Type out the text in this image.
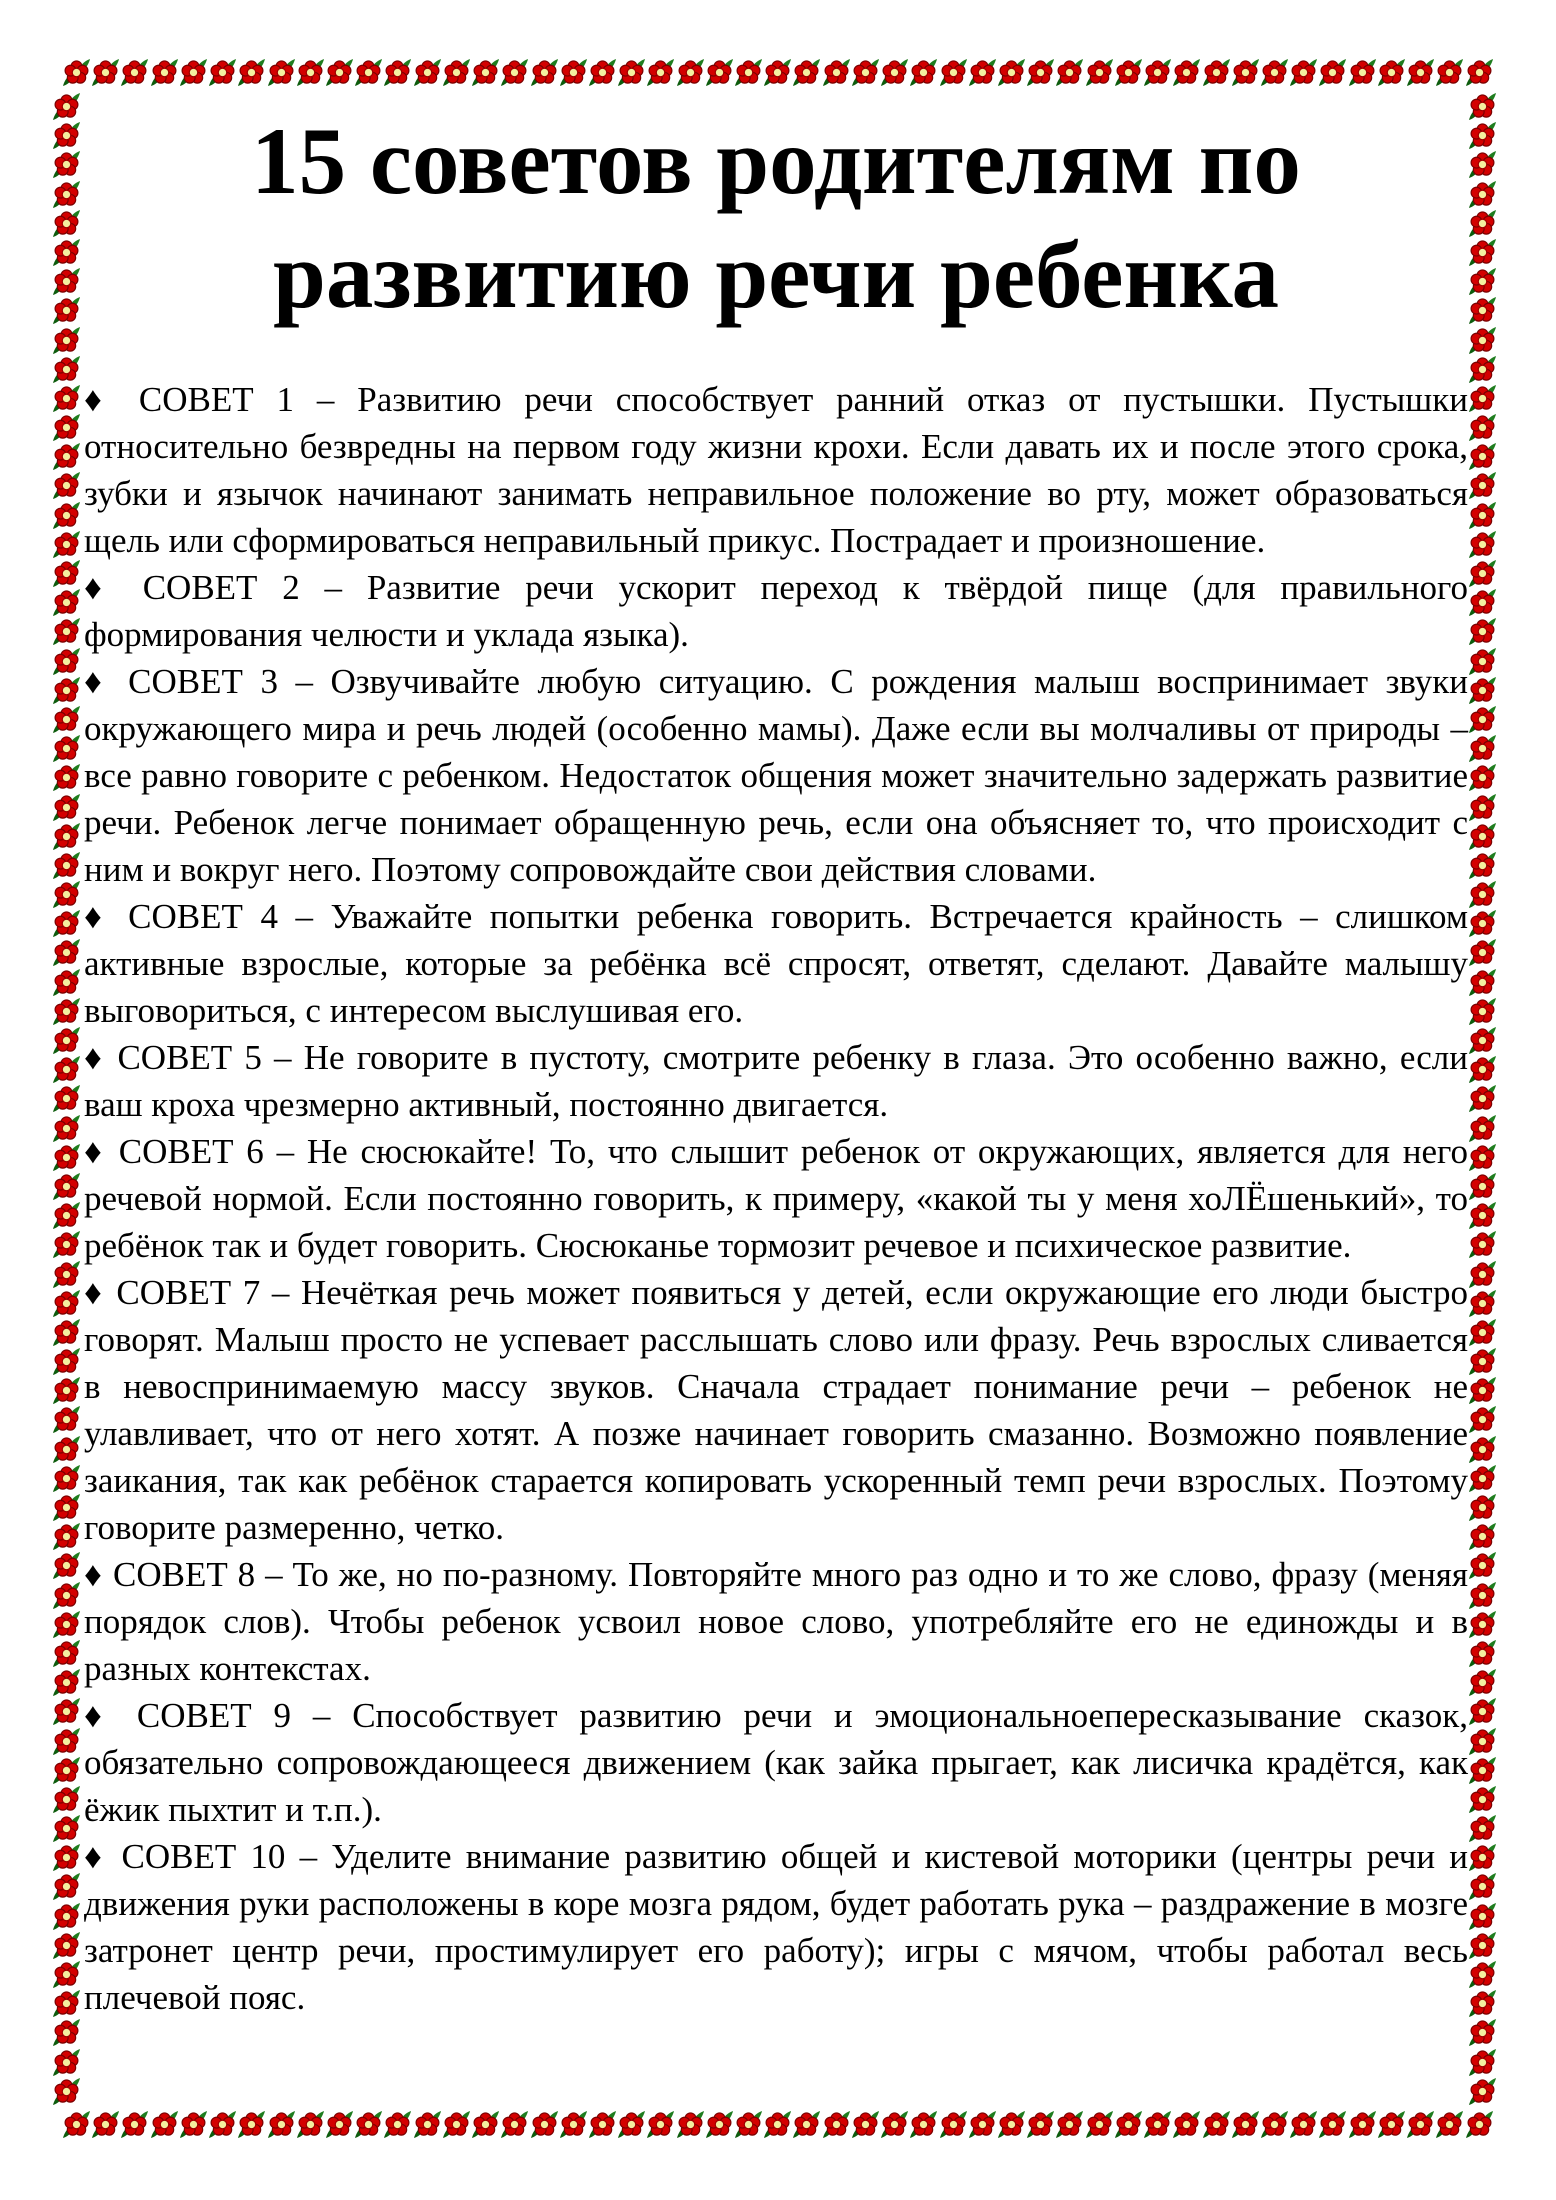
15 советов родителям по
развитию речи ребенка

♦ СОВЕТ 1 – Развитию речи способствует ранний отказ от пустышки. Пустышки относительно безвредны на первом году жизни крохи. Если давать их и после этого срока, зубки и язычок начинают занимать неправильное положение во рту, может образоваться щель или сформироваться неправильный прикус. Пострадает и произношение.

♦ СОВЕТ 2 – Развитие речи ускорит переход к твёрдой пище (для правильного формирования челюсти и уклада языка).

♦ СОВЕТ 3 – Озвучивайте любую ситуацию. С рождения малыш воспринимает звуки окружающего мира и речь людей (особенно мамы). Даже если вы молчаливы от природы – все равно говорите с ребенком. Недостаток общения может значительно задержать развитие речи. Ребенок легче понимает обращенную речь, если она объясняет то, что происходит с ним и вокруг него. Поэтому сопровождайте свои действия словами.

♦ СОВЕТ 4 – Уважайте попытки ребенка говорить. Встречается крайность – слишком активные взрослые, которые за ребёнка всё спросят, ответят, сделают. Давайте малышу выговориться, с интересом выслушивая его.

♦ СОВЕТ 5 – Не говорите в пустоту, смотрите ребенку в глаза. Это особенно важно, если ваш кроха чрезмерно активный, постоянно двигается.

♦ СОВЕТ 6 – Не сюсюкайте! То, что слышит ребенок от окружающих, является для него речевой нормой. Если постоянно говорить, к примеру, «какой ты у меня хоЛЁшенький», то ребёнок так и будет говорить. Сюсюканье тормозит речевое и психическое развитие.

♦ СОВЕТ 7 – Нечёткая речь может появиться у детей, если окружающие его люди быстро говорят. Малыш просто не успевает расслышать слово или фразу. Речь взрослых сливается в невоспринимаемую массу звуков. Сначала страдает понимание речи – ребенок не улавливает, что от него хотят. А позже начинает говорить смазанно. Возможно появление заикания, так как ребёнок старается копировать ускоренный темп речи взрослых. Поэтому говорите размеренно, четко.

♦ СОВЕТ 8 – То же, но по-разному. Повторяйте много раз одно и то же слово, фразу (меняя порядок слов). Чтобы ребенок усвоил новое слово, употребляйте его не единожды и в разных контекстах.

♦ СОВЕТ 9 – Способствует развитию речи и эмоциональноепересказывание сказок, обязательно сопровождающееся движением (как зайка прыгает, как лисичка крадётся, как ёжик пыхтит и т.п.).

♦ СОВЕТ 10 – Уделите внимание развитию общей и кистевой моторики (центры речи и движения руки расположены в коре мозга рядом, будет работать рука – раздражение в мозге затронет центр речи, простимулирует его работу); игры с мячом, чтобы работал весь плечевой пояс.
